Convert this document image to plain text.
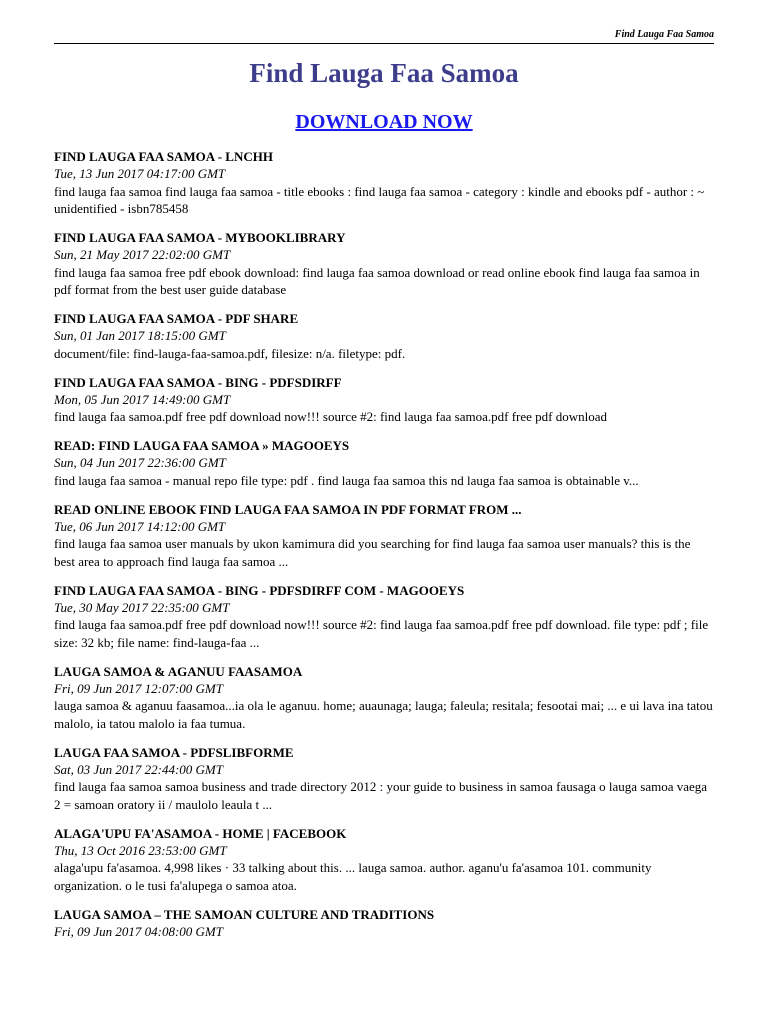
Find Lauga Faa Samoa
Find Lauga Faa Samoa
DOWNLOAD NOW

FIND LAUGA FAA SAMOA - LNCHH

Tue, 13 Jun 2017 04:17:00 GMT

find lauga faa samoa find lauga faa samoa - title ebooks : find lauga faa samoa - category : kindle and ebooks pdf - author : ~ unidentified - isbn785458

FIND LAUGA FAA SAMOA - MYBOOKLIBRARY

Sun, 21 May 2017 22:02:00 GMT

find lauga faa samoa free pdf ebook download: find lauga faa samoa download or read online ebook find lauga faa samoa in pdf format from the best user guide database

FIND LAUGA FAA SAMOA - PDF SHARE

Sun, 01 Jan 2017 18:15:00 GMT

document/file: find-lauga-faa-samoa.pdf, filesize: n/a. filetype: pdf.

FIND LAUGA FAA SAMOA - BING - PDFSDIRFF

Mon, 05 Jun 2017 14:49:00 GMT

find lauga faa samoa.pdf free pdf download now!!! source #2: find lauga faa samoa.pdf free pdf download

READ: FIND LAUGA FAA SAMOA » MAGOOEYS

Sun, 04 Jun 2017 22:36:00 GMT

find lauga faa samoa - manual repo file type: pdf . find lauga faa samoa this nd lauga faa samoa is obtainable v...

READ ONLINE EBOOK FIND LAUGA FAA SAMOA IN PDF FORMAT FROM ...

Tue, 06 Jun 2017 14:12:00 GMT

find lauga faa samoa user manuals by ukon kamimura did you searching for find lauga faa samoa user manuals? this is the best area to approach find lauga faa samoa ...

FIND LAUGA FAA SAMOA - BING - PDFSDIRFF COM - MAGOOEYS

Tue, 30 May 2017 22:35:00 GMT

find lauga faa samoa.pdf free pdf download now!!! source #2: find lauga faa samoa.pdf free pdf download. file type: pdf ; file size: 32 kb; file name: find-lauga-faa ...

LAUGA SAMOA & AGANUU FAASAMOA

Fri, 09 Jun 2017 12:07:00 GMT

lauga samoa & aganuu faasamoa...ia ola le aganuu. home; auaunaga; lauga; faleula; resitala; fesootai mai; ... e ui lava ina tatou malolo, ia tatou malolo ia faa tumua.

LAUGA FAA SAMOA - PDFSLIBFORME

Sat, 03 Jun 2017 22:44:00 GMT

find lauga faa samoa samoa business and trade directory 2012 : your guide to business in samoa fausaga o lauga samoa vaega 2 = samoan oratory ii / maulolo leaula t ...

ALAGA'UPU FA'ASAMOA - HOME | FACEBOOK

Thu, 13 Oct 2016 23:53:00 GMT

alaga'upu fa'asamoa. 4,998 likes · 33 talking about this. ... lauga samoa. author. aganu'u fa'asamoa 101. community organization. o le tusi fa'alupega o samoa atoa.

LAUGA SAMOA – THE SAMOAN CULTURE AND TRADITIONS

Fri, 09 Jun 2017 04:08:00 GMT
